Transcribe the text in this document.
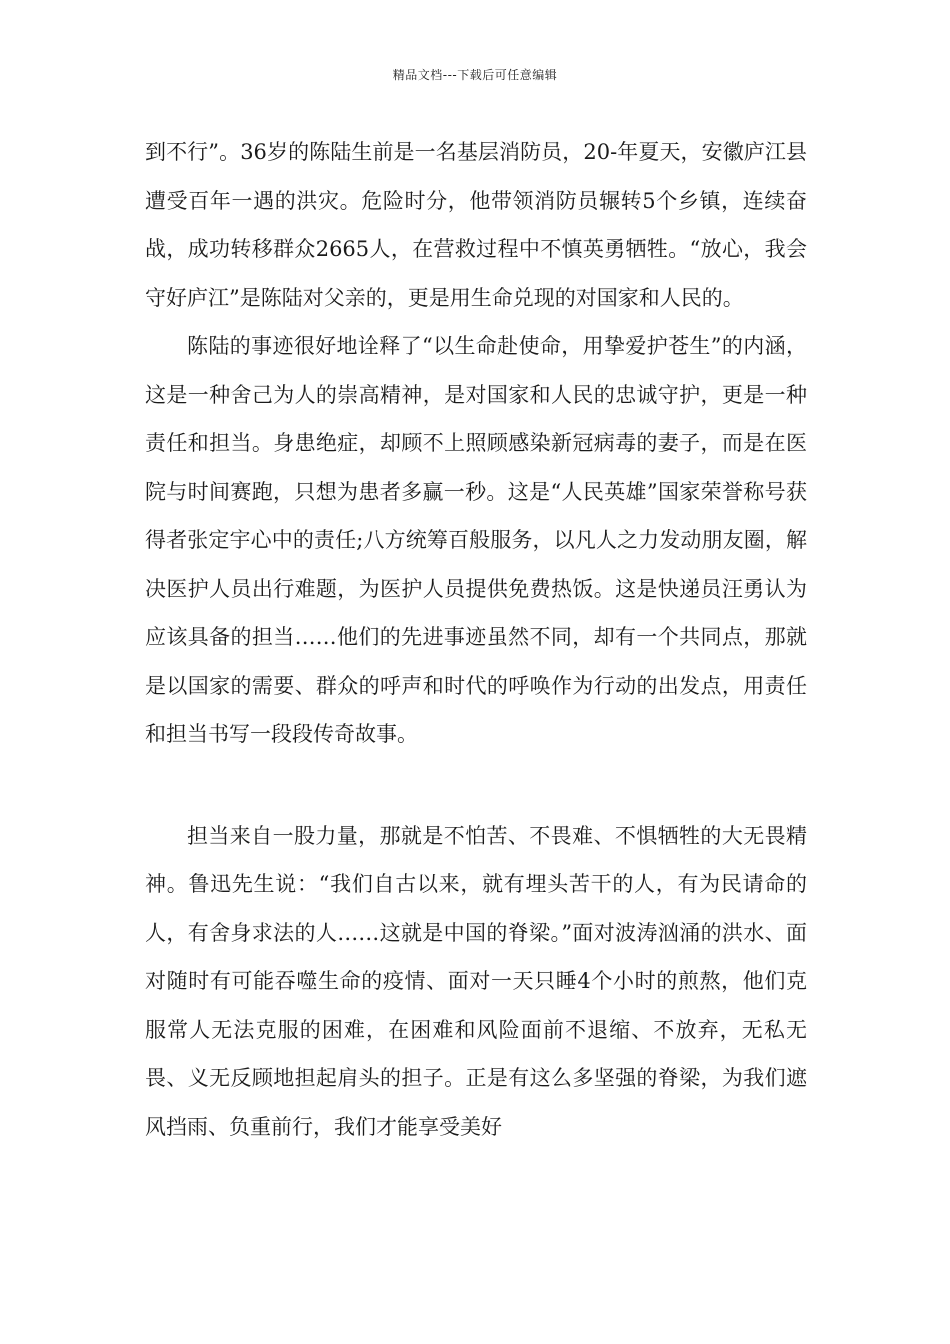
精品文档---下载后可任意编辑

到不行”。36岁的陈陆生前是一名基层消防员，20-年夏天，安徽庐江县遭受百年一遇的洪灾。危险时分，他带领消防员辗转5个乡镇，连续奋战，成功转移群众2665人，在营救过程中不慎英勇牺牲。“放心，我会守好庐江”是陈陆对父亲的，更是用生命兑现的对国家和人民的。

陈陆的事迹很好地诠释了“以生命赴使命，用挚爱护苍生”的内涵，这是一种舍己为人的崇高精神，是对国家和人民的忠诚守护，更是一种责任和担当。身患绝症，却顾不上照顾感染新冠病毒的妻子，而是在医院与时间赛跑，只想为患者多赢一秒。这是“人民英雄”国家荣誉称号获得者张定宇心中的责任;八方统筹百般服务，以凡人之力发动朋友圈，解决医护人员出行难题，为医护人员提供免费热饭。这是快递员汪勇认为应该具备的担当……他们的先进事迹虽然不同，却有一个共同点，那就是以国家的需要、群众的呼声和时代的呼唤作为行动的出发点，用责任和担当书写一段段传奇故事。

担当来自一股力量，那就是不怕苦、不畏难、不惧牺牲的大无畏精神。鲁迅先生说：“我们自古以来，就有埋头苦干的人，有为民请命的人，有舍身求法的人……这就是中国的脊梁。”面对波涛汹涌的洪水、面对随时有可能吞噬生命的疫情、面对一天只睡4个小时的煎熬，他们克服常人无法克服的困难，在困难和风险面前不退缩、不放弃，无私无畏、义无反顾地担起肩头的担子。正是有这么多坚强的脊梁，为我们遮风挡雨、负重前行，我们才能享受美好
